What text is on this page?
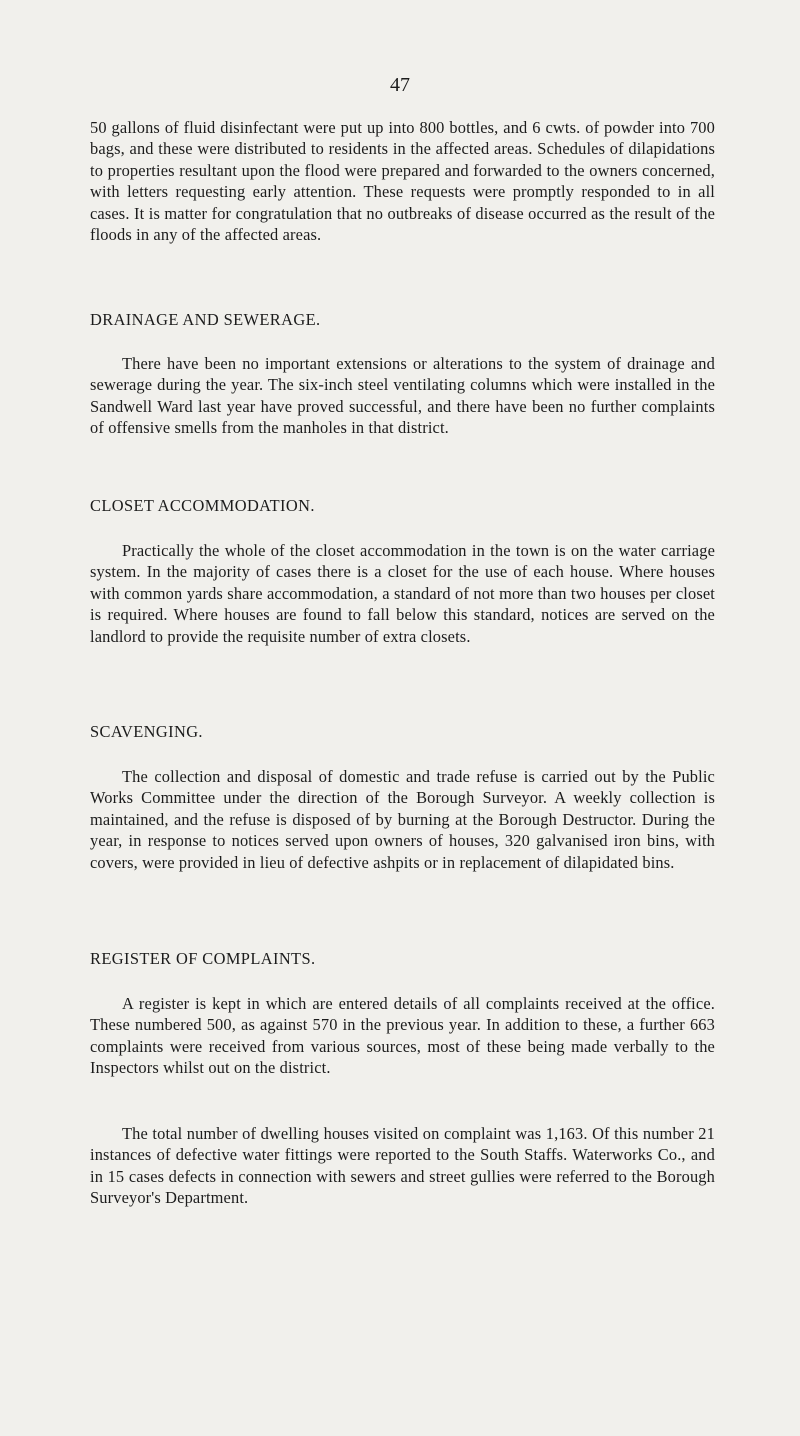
47

50 gallons of fluid disinfectant were put up into 800 bottles, and 6 cwts. of powder into 700 bags, and these were distributed to residents in the affected areas. Schedules of dilapidations to properties resultant upon the flood were prepared and forwarded to the owners concerned, with letters requesting early attention. These requests were promptly responded to in all cases. It is matter for congratulation that no outbreaks of disease occurred as the result of the floods in any of the affected areas.

DRAINAGE AND SEWERAGE.

There have been no important extensions or alterations to the system of drainage and sewerage during the year. The six-inch steel ventilating columns which were installed in the Sandwell Ward last year have proved successful, and there have been no further complaints of offensive smells from the manholes in that district.

CLOSET ACCOMMODATION.

Practically the whole of the closet accommodation in the town is on the water carriage system. In the majority of cases there is a closet for the use of each house. Where houses with common yards share accommodation, a standard of not more than two houses per closet is required. Where houses are found to fall below this standard, notices are served on the landlord to provide the requisite number of extra closets.

SCAVENGING.

The collection and disposal of domestic and trade refuse is carried out by the Public Works Committee under the direction of the Borough Surveyor. A weekly collection is maintained, and the refuse is disposed of by burning at the Borough Destructor. During the year, in response to notices served upon owners of houses, 320 galvanised iron bins, with covers, were provided in lieu of defective ashpits or in replacement of dilapidated bins.

REGISTER OF COMPLAINTS.

A register is kept in which are entered details of all complaints received at the office. These numbered 500, as against 570 in the previous year. In addition to these, a further 663 complaints were received from various sources, most of these being made verbally to the Inspectors whilst out on the district.

The total number of dwelling houses visited on complaint was 1,163. Of this number 21 instances of defective water fittings were reported to the South Staffs. Waterworks Co., and in 15 cases defects in connection with sewers and street gullies were referred to the Borough Surveyor's Department.
